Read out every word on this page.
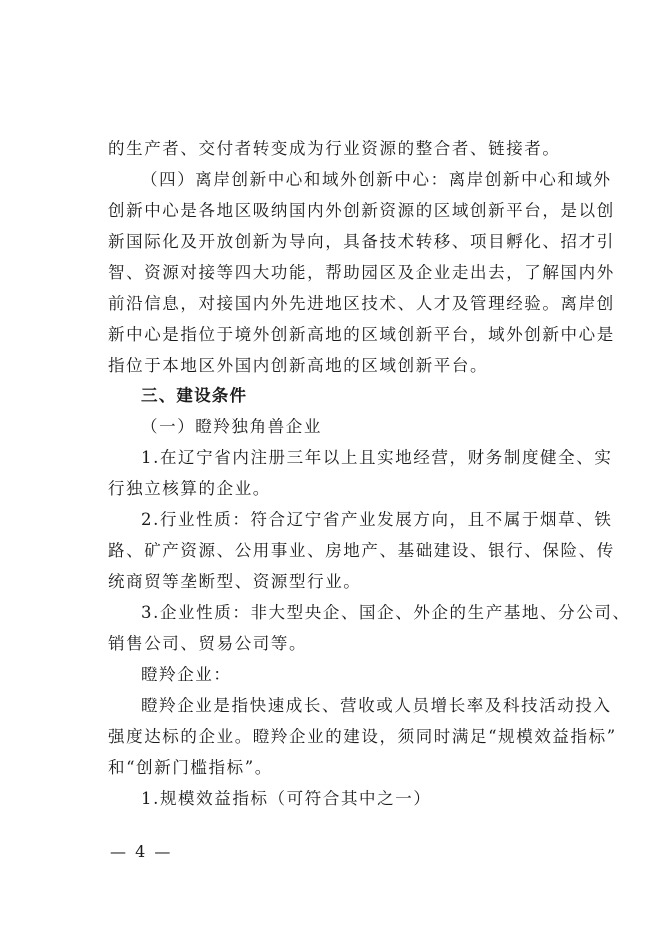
的生产者、交付者转变成为行业资源的整合者、链接者。
（四）离岸创新中心和域外创新中心：离岸创新中心和域外
创新中心是各地区吸纳国内外创新资源的区域创新平台，是以创
新国际化及开放创新为导向，具备技术转移、项目孵化、招才引
智、资源对接等四大功能，帮助园区及企业走出去，了解国内外
前沿信息，对接国内外先进地区技术、人才及管理经验。离岸创
新中心是指位于境外创新高地的区域创新平台，域外创新中心是
指位于本地区外国内创新高地的区域创新平台。
三、建设条件
（一）瞪羚独角兽企业
1.在辽宁省内注册三年以上且实地经营，财务制度健全、实
行独立核算的企业。
2.行业性质：符合辽宁省产业发展方向，且不属于烟草、铁
路、矿产资源、公用事业、房地产、基础建设、银行、保险、传
统商贸等垄断型、资源型行业。
3.企业性质：非大型央企、国企、外企的生产基地、分公司、
销售公司、贸易公司等。
瞪羚企业：
瞪羚企业是指快速成长、营收或人员增长率及科技活动投入
强度达标的企业。瞪羚企业的建设，须同时满足“规模效益指标”
和“创新门槛指标”。
1.规模效益指标（可符合其中之一）
— 4 —
